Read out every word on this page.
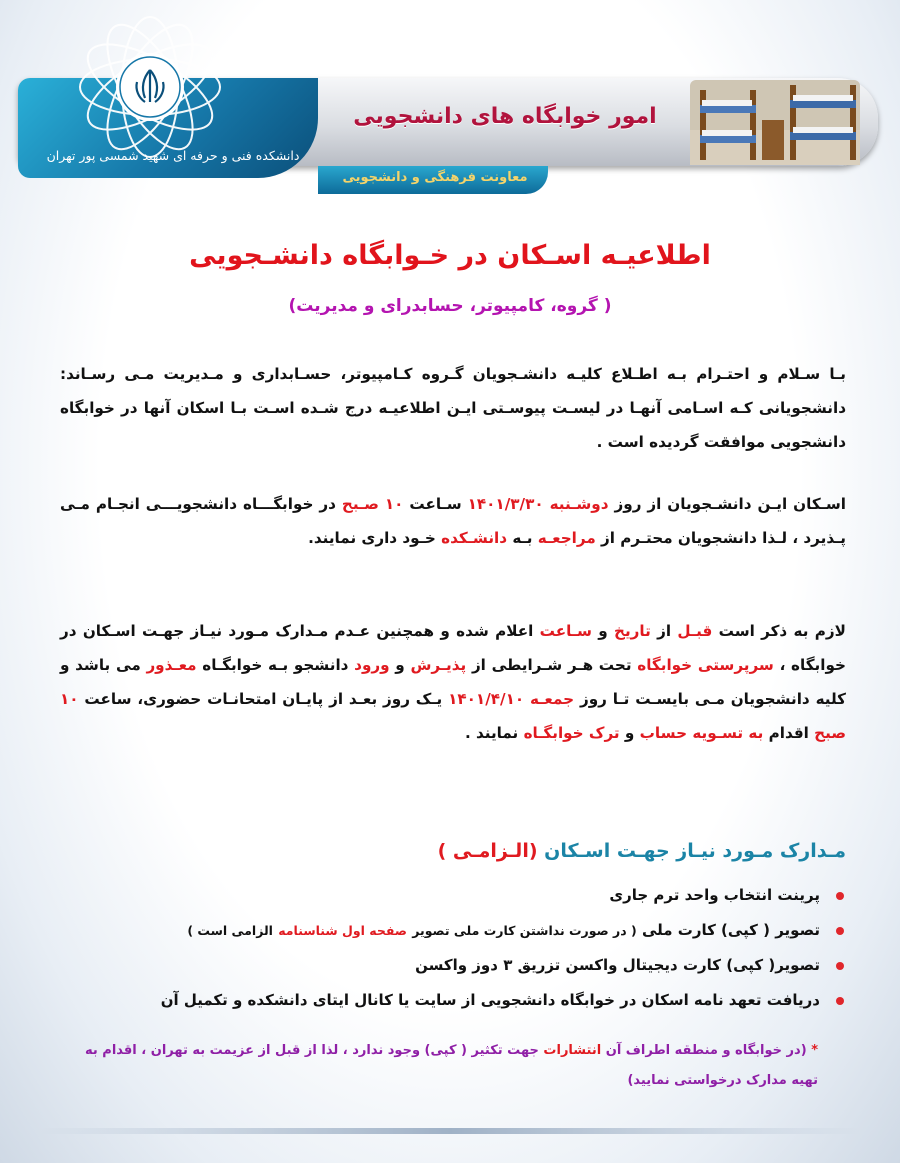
دانشکده فنی و حرفه ای شهید شمسی پور تهران
امور خوابگاه های دانشجویی
معاونت فرهنگی و دانشجویی
اطلاعیـه اسـکان در خـوابگاه دانشـجویی
( گروه، کامپیوتر، حسابدرای و مدیریت)
بـا سـلام و احتـرام بـه اطـلاع کلیـه دانشـجویان گـروه کـامپیوتر، حسـابداری و مـدیریت مـی رسـاند: دانشجویانی کـه اسـامی آنهـا در لیسـت پیوسـتی ایـن اطلاعیـه درج شـده اسـت بـا اسکان آنها در خوابگاه دانشجویی موافقت گردیده است .
اسـکان ایـن دانشـجویان از روز دوشـنبه ۱۴۰۱/۳/۳۰ سـاعت ۱۰ صـبح در خوابگـــاه دانشجویـــی انجـام مـی پـذیرد ، لـذا دانشجویان محتـرم از مراجعـه بـه دانشـکده خـود داری نمایند.
لازم به ذکر است قبـل از تاریخ و سـاعت اعلام شده و همچنین عـدم مـدارک مـورد نیـاز جهـت اسـکان در خوابگاه ، سرپرستی خوابگاه تحت هـر شـرایطی از پذیـرش و ورود دانشجو بـه خوابگـاه معـذور می باشد و کلیه دانشجویان مـی بایسـت تـا روز جمعـه ۱۴۰۱/۴/۱۰ یـک روز بعـد از پایـان امتحانـات حضوری، ساعت ۱۰ صبح اقدام به تسـویه حساب و ترک خوابگـاه نمایند .
مـدارک مـورد نیـاز جهـت اسـکان (الـزامـی )
پرینت انتخاب واحد ترم جاری
تصویر ( کپی) کارت ملی ( در صورت نداشتن کارت ملی تصویر صفحه اول شناسنامه الزامی است )
تصویر( کپی) کارت دیجیتال واکسن تزریق ۳ دوز واکسن
دریافت تعهد نامه اسکان در خوابگاه دانشجویی از سایت یا کانال ایتای دانشکده و تکمیل آن
* (در خوابگاه و منطقه اطراف آن انتشارات جهت تکثیر ( کپی) وجود ندارد ، لذا از قبل از عزیمت به تهران ، اقدام به تهیه مدارک درخواستی نمایید)
